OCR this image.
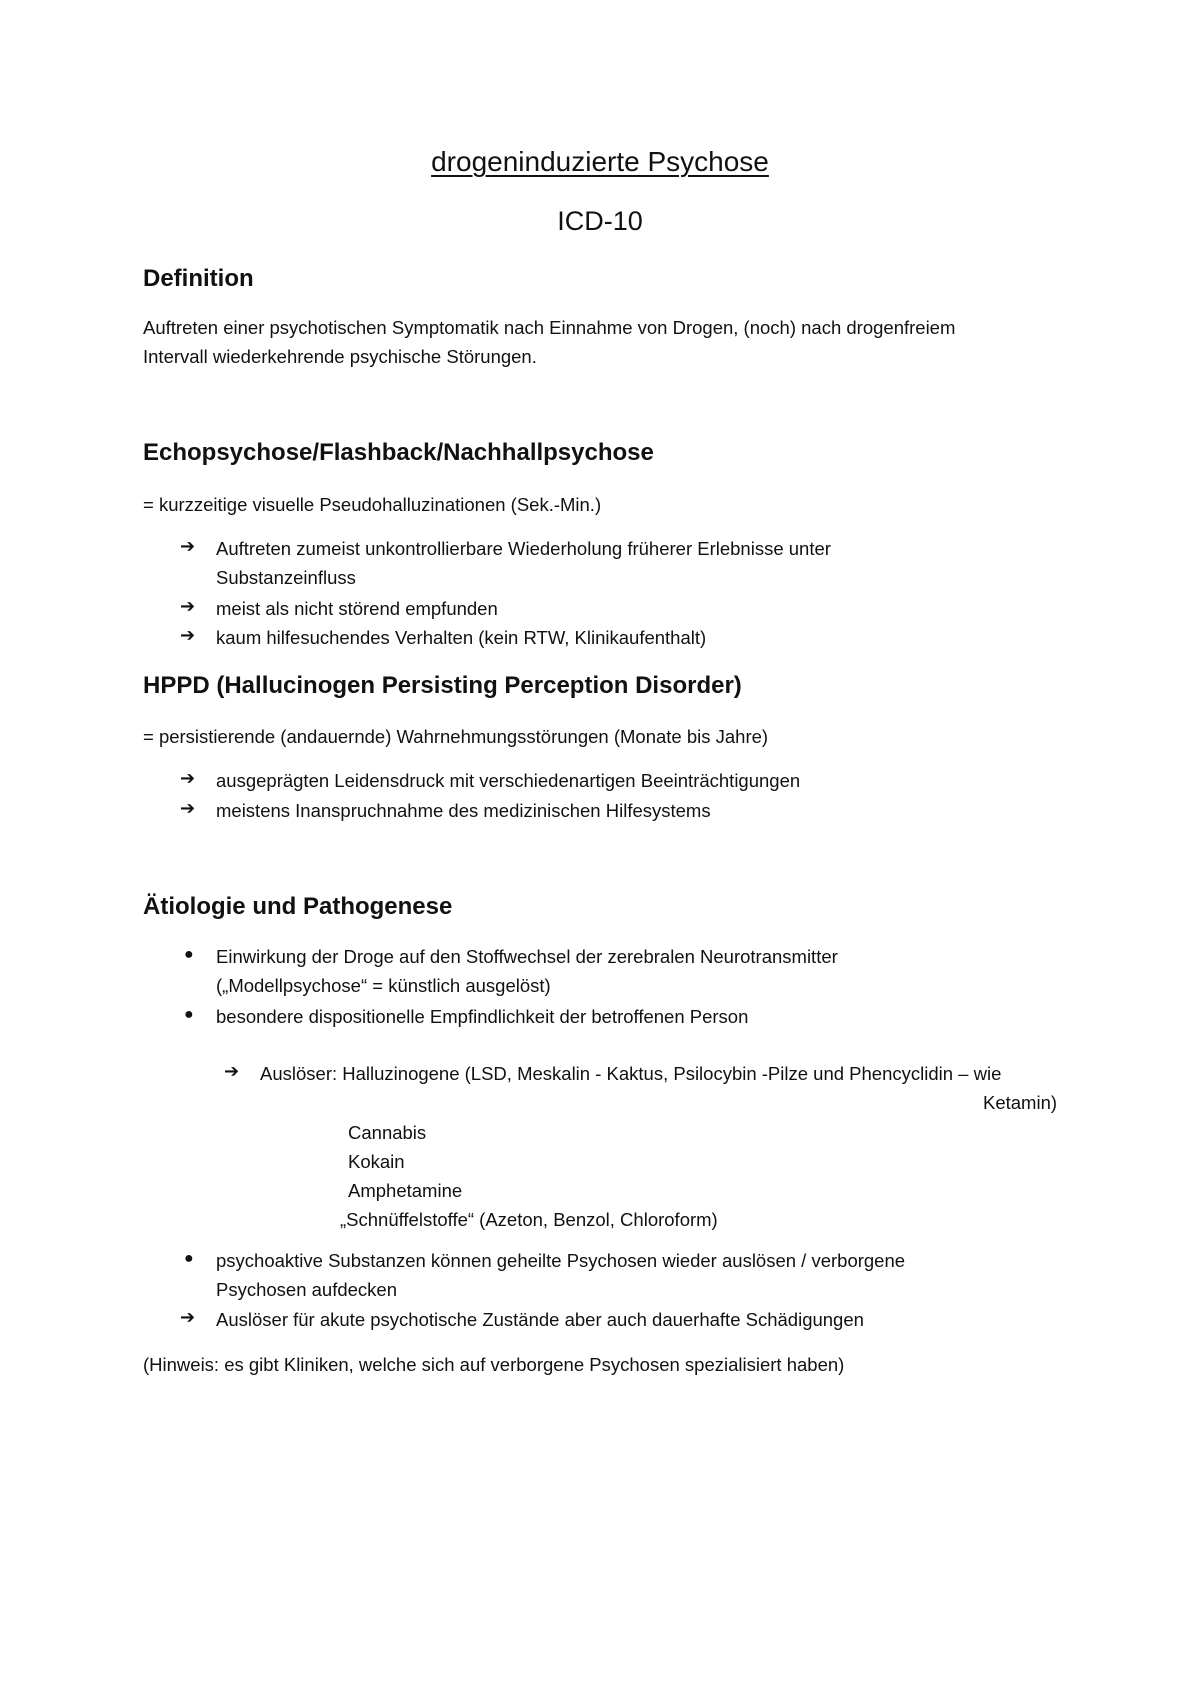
drogeninduzierte Psychose
ICD-10
Definition
Auftreten einer psychotischen Symptomatik nach Einnahme von Drogen, (noch) nach drogenfreiem
Intervall wiederkehrende psychische Störungen.
Echopsychose/Flashback/Nachhallpsychose
= kurzzeitige visuelle Pseudohalluzinationen (Sek.-Min.)
➔ Auftreten zumeist unkontrollierbare Wiederholung früherer Erlebnisse unter
Substanzeinfluss
➔ meist als nicht störend empfunden
➔ kaum hilfesuchendes Verhalten (kein RTW, Klinikaufenthalt)
HPPD (Hallucinogen Persisting Perception Disorder)
= persistierende (andauernde) Wahrnehmungsstörungen (Monate bis Jahre)
➔ ausgeprägten Leidensdruck mit verschiedenartigen Beeinträchtigungen
➔ meistens Inanspruchnahme des medizinischen Hilfesystems
Ätiologie und Pathogenese
● Einwirkung der Droge auf den Stoffwechsel der zerebralen Neurotransmitter
(„Modellpsychose“ = künstlich ausgelöst)
● besondere dispositionelle Empfindlichkeit der betroffenen Person
➔ Auslöser: Halluzinogene (LSD, Meskalin - Kaktus, Psilocybin -Pilze und Phencyclidin – wie
Ketamin)
Cannabis
Kokain
Amphetamine
„Schnüffelstoffe“ (Azeton, Benzol, Chloroform)
● psychoaktive Substanzen können geheilte Psychosen wieder auslösen / verborgene
Psychosen aufdecken
➔ Auslöser für akute psychotische Zustände aber auch dauerhafte Schädigungen
(Hinweis: es gibt Kliniken, welche sich auf verborgene Psychosen spezialisiert haben)
